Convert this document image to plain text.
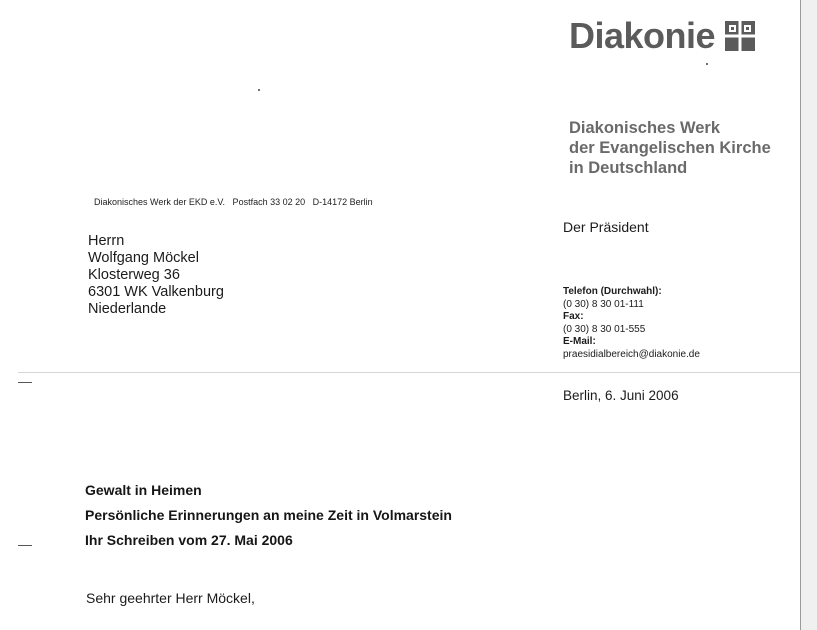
Diakonie
Diakonisches Werk
der Evangelischen Kirche
in Deutschland
Diakonisches Werk der EKD e.V.   Postfach 33 02 20   D-14172 Berlin
Der Präsident
Herrn
Wolfgang Möckel
Klosterweg 36
6301 WK Valkenburg
Niederlande
Telefon (Durchwahl):
(0 30) 8 30 01-111
Fax:
(0 30) 8 30 01-555
E-Mail:
praesidialbereich@diakonie.de
Berlin, 6. Juni 2006
Gewalt in Heimen
Persönliche Erinnerungen an meine Zeit in Volmarstein
Ihr Schreiben vom 27. Mai 2006
Sehr geehrter Herr Möckel,
